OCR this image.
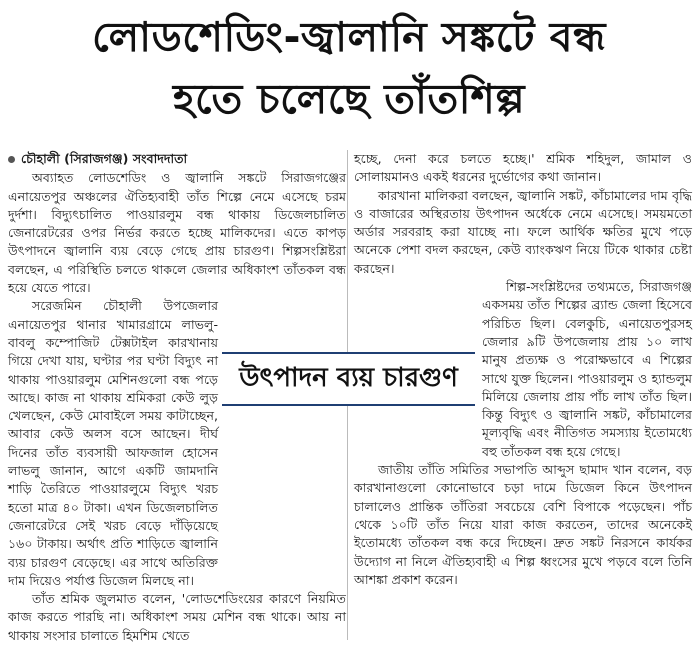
লোডশেডিং-জ্বালানি সঙ্কটে বন্ধ
হতে চলেছে তাঁতশিল্প
চৌহালী (সিরাজগঞ্জ) সংবাদদাতা

অব্যাহত লোডশেডিং ও জ্বালানি সঙ্কটে সিরাজগঞ্জের এনায়েতপুর অঞ্চলের ঐতিহ্যবাহী তাঁত শিল্পে নেমে এসেছে চরম দুর্দশা। বিদ্যুৎচালিত পাওয়ারলুম বন্ধ থাকায় ডিজেলচালিত জেনারেটরের ওপর নির্ভর করতে হচ্ছে মালিকদের। এতে কাপড় উৎপাদনে জ্বালানি ব্যয় বেড়ে গেছে প্রায় চারগুণ। শিল্পসংশ্লিষ্টরা বলছেন, এ পরিস্থিতি চলতে থাকলে জেলার অধিকাংশ তাঁতকল বন্ধ হয়ে যেতে পারে।

সরেজমিন চৌহালী উপজেলার এনায়েতপুর থানার খামারগ্রামে লাভলু-বাবলু কম্পোজিট টেক্সটাইল কারখানায় গিয়ে দেখা যায়, ঘণ্টার পর ঘণ্টা বিদ্যুৎ না থাকায় পাওয়ারলুম মেশিনগুলো বন্ধ পড়ে আছে। কাজ না থাকায় শ্রমিকরা কেউ লুড় খেলছেন, কেউ মোবাইলে সময় কাটাচ্ছেন, আবার কেউ অলস বসে আছেন। দীর্ঘ দিনের তাঁত ব্যবসায়ী আফজাল হোসেন লাভলু জানান, আগে একটি জামদানি শাড়ি তৈরিতে পাওয়ারলুমে বিদ্যুৎ খরচ হতো মাত্র ৪০ টাকা। এখন ডিজেলচালিত জেনারেটরে সেই খরচ বেড়ে দাঁড়িয়েছে ১৬০ টাকায়। অর্থাৎ প্রতি শাড়িতে জ্বালানি ব্যয় চারগুণ বেড়েছে। এর সাথে অতিরিক্ত দাম দিয়েও পর্যাপ্ত ডিজেল মিলছে না।

তাঁত শ্রমিক জুলমাত বলেন, 'লোডশেডিংয়ের কারণে নিয়মিত কাজ করতে পারছি না। অধিকাংশ সময় মেশিন বন্ধ থাকে। আয় না থাকায় সংসার চালাতে হিমশিম খেতে

হচ্ছে, দেনা করে চলতে হচ্ছে।' শ্রমিক শহিদুল, জামাল ও সোলায়মানও একই ধরনের দুর্ভোগের কথা জানান।

কারখানা মালিকরা বলছেন, জ্বালানি সঙ্কট, কাঁচামালের দাম বৃদ্ধি ও বাজারের অস্থিরতায় উৎপাদন অর্ধেকে নেমে এসেছে। সময়মতো অর্ডার সরবরাহ করা যাচ্ছে না। ফলে আর্থিক ক্ষতির মুখে পড়ে অনেকে পেশা বদল করছেন, কেউ ব্যাংকঋণ নিয়ে টিকে থাকার চেষ্টা করছেন।

শিল্প-সংশ্লিষ্টদের তথ্যমতে, সিরাজগঞ্জ একসময় তাঁত শিল্পের ব্র্যান্ড জেলা হিসেবে পরিচিত ছিল। বেলকুচি, এনায়েতপুরসহ জেলার ৯টি উপজেলায় প্রায় ১০ লাখ মানুষ প্রত্যক্ষ ও পরোক্ষভাবে এ শিল্পের সাথে যুক্ত ছিলেন। পাওয়ারলুম ও হ্যান্ডলুম মিলিয়ে জেলায় প্রায় পাঁচ লাখ তাঁত ছিল। কিন্তু বিদ্যুৎ ও জ্বালানি সঙ্কট, কাঁচামালের মূল্যবৃদ্ধি এবং নীতিগত সমস্যায় ইতোমধ্যে বহু তাঁতকল বন্ধ হয়ে গেছে।

জাতীয় তাঁতি সমিতির সভাপতি আব্দুস ছামাদ খান বলেন, বড় কারখানাগুলো কোনোভাবে চড়া দামে ডিজেল কিনে উৎপাদন চালালেও প্রান্তিক তাঁতিরা সবচেয়ে বেশি বিপাকে পড়েছেন। পাঁচ থেকে ১০টি তাঁত নিয়ে যারা কাজ করতেন, তাদের অনেকেই ইতোমধ্যে তাঁতকল বন্ধ করে দিচ্ছেন। দ্রুত সঙ্কট নিরসনে কার্যকর উদ্যোগ না নিলে ঐতিহ্যবাহী এ শিল্প ধ্বংসের মুখে পড়বে বলে তিনি আশঙ্কা প্রকাশ করেন।

উৎপাদন ব্যয় চারগুণ
